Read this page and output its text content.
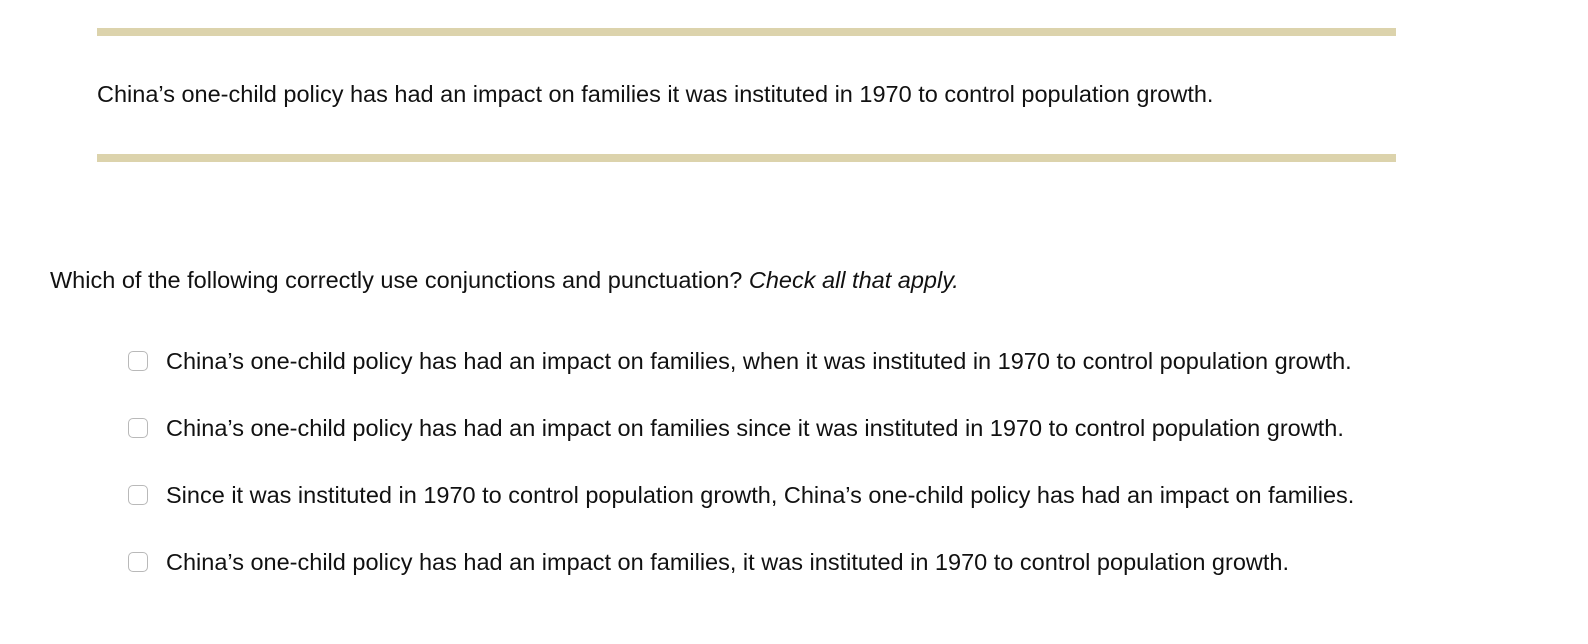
China’s one-child policy has had an impact on families it was instituted in 1970 to control population growth.
Which of the following correctly use conjunctions and punctuation? Check all that apply.
China’s one-child policy has had an impact on families, when it was instituted in 1970 to control population growth.
China’s one-child policy has had an impact on families since it was instituted in 1970 to control population growth.
Since it was instituted in 1970 to control population growth, China’s one-child policy has had an impact on families.
China’s one-child policy has had an impact on families, it was instituted in 1970 to control population growth.
